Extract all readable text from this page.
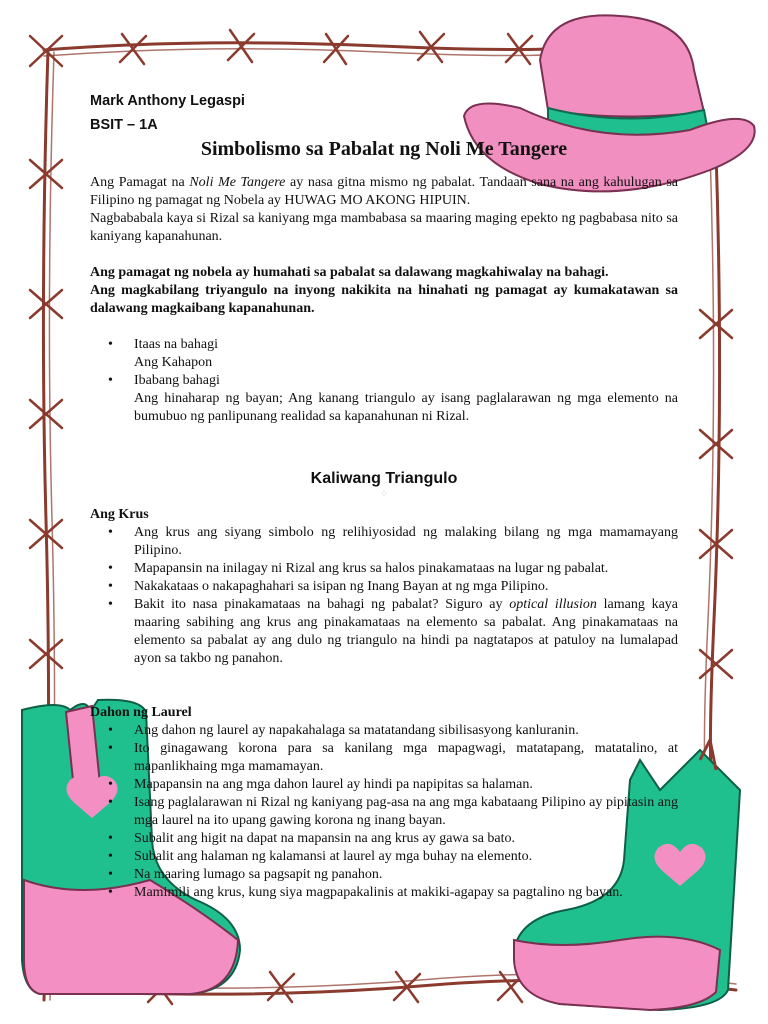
Mark Anthony Legaspi

BSIT – 1A

Simbolismo sa Pabalat ng Noli Me Tangere

Ang Pamagat na Noli Me Tangere ay nasa gitna mismo ng pabalat. Tandaan sana na ang kahulugan sa Filipino ng pamagat ng Nobela ay HUWAG MO AKONG HIPUIN.

Nagbababala kaya si Rizal sa kaniyang mga mambabasa sa maaring maging epekto ng pagbabasa nito sa kaniyang kapanahunan.

Ang pamagat ng nobela ay humahati sa pabalat sa dalawang magkahiwalay na bahagi.

Ang magkabilang triyangulo na inyong nakikita na hinahati ng pamagat ay kumakatawan sa dalawang magkaibang kapanahunan.

• Itaas na bahagi
Ang Kahapon
• Ibabang bahagi
Ang hinaharap ng bayan; Ang kanang triangulo ay isang paglalarawan ng mga elemento na bumubuo ng panlipunang realidad sa kapanahunan ni Rizal.
Kaliwang Triangulo
⁘

Ang Krus

• Ang krus ang siyang simbolo ng relihiyosidad ng malaking bilang ng mga mamamayang Pilipino.
• Mapapansin na inilagay ni Rizal ang krus sa halos pinakamataas na lugar ng pabalat.
• Nakakataas o nakapaghahari sa isipan ng Inang Bayan at ng mga Pilipino.
• Bakit ito nasa pinakamataas na bahagi ng pabalat? Siguro ay optical illusion lamang kaya maaring sabihing ang krus ang pinakamataas na elemento sa pabalat. Ang pinakamataas na elemento sa pabalat ay ang dulo ng triangulo na hindi pa nagtatapos at patuloy na lumalapad ayon sa takbo ng panahon.

Dahon ng Laurel

• Ang dahon ng laurel ay napakahalaga sa matatandang sibilisasyong kanluranin.
• Ito ginagawang korona para sa kanilang mga mapagwagi, matatapang, matatalino, at mapanlikhaing mga mamamayan.
• Mapapansin na ang mga dahon laurel ay hindi pa napipitas sa halaman.
• Isang paglalarawan ni Rizal ng kaniyang pag-asa na ang mga kabataang Pilipino ay pipitasin ang mga laurel na ito upang gawing korona ng inang bayan.
• Subalit ang higit na dapat na mapansin na ang krus ay gawa sa bato.
• Subalit ang halaman ng kalamansi at laurel ay mga buhay na elemento.
• Na maaring lumago sa pagsapit ng panahon.
• Mamimili ang krus, kung siya magpapakalinis at makiki-agapay sa pagtalino ng bayan.
